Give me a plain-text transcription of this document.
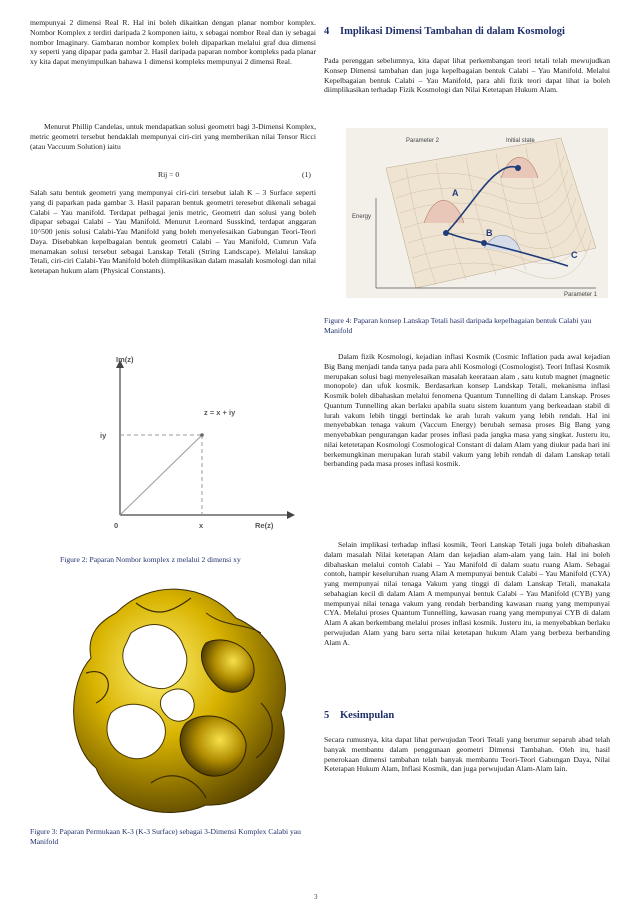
mempunyai 2 dimensi Real R. Hal ini boleh dikaitkan dengan planar nombor komplex. Nombor Komplex z terdiri daripada 2 komponen iaitu, x sebagai nombor Real dan iy sebagai nombor Imaginary. Gambaran nombor komplex boleh dipaparkan melalui graf dua dimensi xy seperti yang dipapar pada gambar 2. Hasil daripada paparan nombor kompleks pada planar xy kita dapat menyimpulkan bahawa 1 dimensi kompleks mempunyai 2 dimensi Real.

Menurut Phillip Candelas, untuk mendapatkan solusi geometri bagi 3-Dimensi Komplex, metric geometri tersebut hendaklah mempunyai ciri-ciri yang memberikan nilai Tensor Ricci (atau Vaccuum Solution) iaitu

Rij = 0	(1)

Salah satu bentuk geometri yang mempunyai ciri-ciri tersebut ialah K – 3 Surface seperti yang di paparkan pada gambar 3. Hasil paparan bentuk geometri teresebut dikenali sebagai Calabi – Yau manifold. Terdapat pelbagai jenis metric, Geometri dan solusi yang boleh dipapar sebagai Calabi – Yau Manifold. Menurut Leornard Susskind, terdapat anggaran 10^500 jenis solusi Calabi-Yau Manifold yang boleh menyelesaikan Gabungan Teori-Teori Daya. Disebabkan kepelbagaian bentuk geometri Calabi – Yau Manifold, Cumrun Vafa menamakan solusi tersebut sebagai Lanskap Tetali (String Landscape). Melalui lanskap Tetali, ciri-ciri Calabi-Yau Manifold boleh diimplikasikan dalam masalah kosmologi dan nilai ketetapan hukum alam (Physical Constants).

Im(z)
Re(z)
iy
x
0
z = x + iy
Figure 2: Paparan Nombor komplex z melalui 2 dimensi xy
Figure 3: Paparan Permukaan K-3 (K-3 Surface) sebagai 3-Dimensi Komplex Calabi yau Manifold
4 Implikasi Dimensi Tambahan di dalam Kosmologi

Pada perenggan sebelumnya, kita dapat lihat perkembangan teori tetali telah mewujudkan Konsep Dimensi tambahan dan juga kepelbagaian bentuk Calabi – Yau Manifold. Melalui Kepelbagaian bentuk Calabi – Yau Manifold, para ahli fizik teori dapat lihat ia boleh diimplikasikan terhadap Fizik Kosmologi dan Nilai Ketetapan Hukum Alam.

Parameter 2	Initial state
Energy
Parameter 1
A
B
C
Figure 4: Paparan konsep Lanskap Tetali hasil daripada kepelbagaian bentuk Calabi yau Manifold

Dalam fizik Kosmologi, kejadian inflasi Kosmik (Cosmic Inflation pada awal kejadian Big Bang menjadi tanda tanya pada para ahli Kosmologi (Cosmologist). Teori Inflasi Kosmik merupakan solusi bagi menyelesaikan masalah keerataan alam , satu kutub magnet (magnetic monopole) dan ufuk kosmik. Berdasarkan konsep Landskap Tetali, mekanisma inflasi Kosmik boleh dibahaskan melalui fenomena Quantum Tunnelling di dalam Lanskap. Proses Quantum Tunnelling akan berlaku apabila suatu sistem kuantum yang berkeadaan stabil di lurah vakum lebih tinggi bertindak ke arah lurah vakum yang lebih rendah. Hal ini menyebabkan tenaga vakum (Vaccum Energy) berubah semasa proses Big Bang yang menyebabkan pengurangan kadar proses inflasi pada jangka masa yang singkat. Justeru itu, nilai ketetetapan Kosmologi Cosmological Constant di dalam Alam yang diukur pada hari ini berkemungkinan merupakan lurah stabil vakum yang lebih rendah di dalam Lanskap tetali berbanding pada masa proses inflasi kosmik.

Selain implikasi terhadap inflasi kosmik, Teori Lanskap Tetali juga boleh dibahaskan dalam masalah Nilai ketetapan Alam dan kejadian alam-alam yang lain. Hal ini boleh dibahaskan melalui contoh Calabi – Yau Manifold di dalam suatu ruang Alam. Sebagai contoh, hampir keseluruhan ruang Alam A mempunyai bentuk Calabi – Yau Manifold (CYA) yang mempunyai nilai tenaga Vakum yang tinggi di dalam Lanskap Tetali, manakala sebahagian kecil di dalam Alam A mempunyai bentuk Calabi – Yau Manifold (CYB) yang mempunyai nilai tenaga vakum yang rendah berbanding kawasan ruang yang mempunyai CYA. Melalui proses Quantum Tunnelling, kawasan ruang yang mempunyai CYB di dalam Alam A akan berkembang melalui proses inflasi kosmik. Justeru itu, ia menyebabkan berlaku perwujudan Alam yang baru serta nilai ketetapan hukum Alam yang berbeza berbanding Alam A.

5 Kesimpulan

Secara rumusnya, kita dapat lihat perwujudan Teori Tetali yang berumur separuh abad telah banyak membantu dalam penggunaan geometri Dimensi Tambahan. Oleh itu, hasil penerokaan dimensi tambahan telah banyak membantu Teori-Teori Gabungan Daya, Nilai Ketetapan Hukum Alam, Inflasi Kosmik, dan juga perwujudan Alam-Alam lain.

3
